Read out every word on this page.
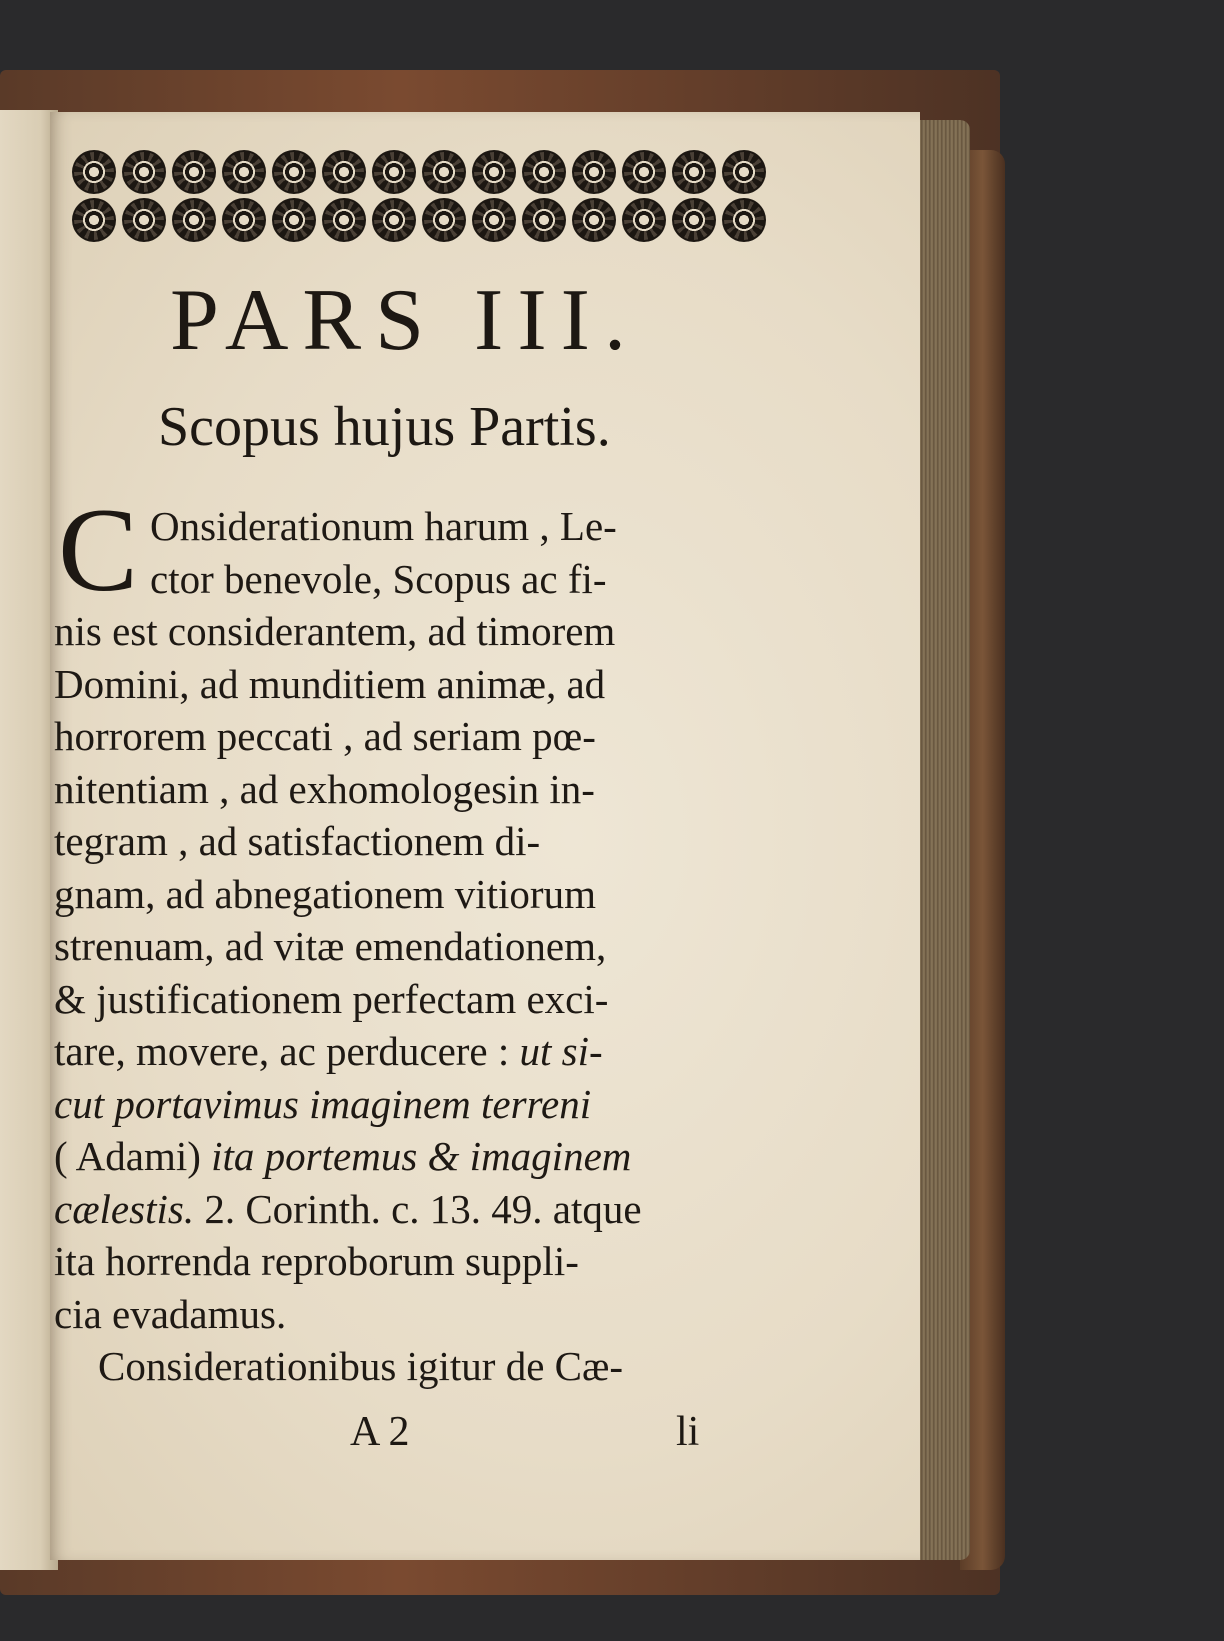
PARS III.
Scopus hujus Partis.
C Onsiderationum harum , Le-
ctor benevole, Scopus ac fi-
nis est considerantem, ad timorem
Domini, ad munditiem animæ, ad
horrorem peccati , ad seriam pœ-
nitentiam , ad exhomologesin in-
tegram , ad satisfactionem di-
gnam, ad abnegationem vitiorum
strenuam, ad vitæ emendationem,
& justificationem perfectam exci-
tare, movere, ac perducere : ut si-
cut portavimus imaginem terreni
( Adami) ita portemus & imaginem
cælestis. 2. Corinth. c. 13. 49. atque
ita horrenda reproborum suppli-
cia evadamus.
Considerationibus igitur de Cæ-
A 2	li
